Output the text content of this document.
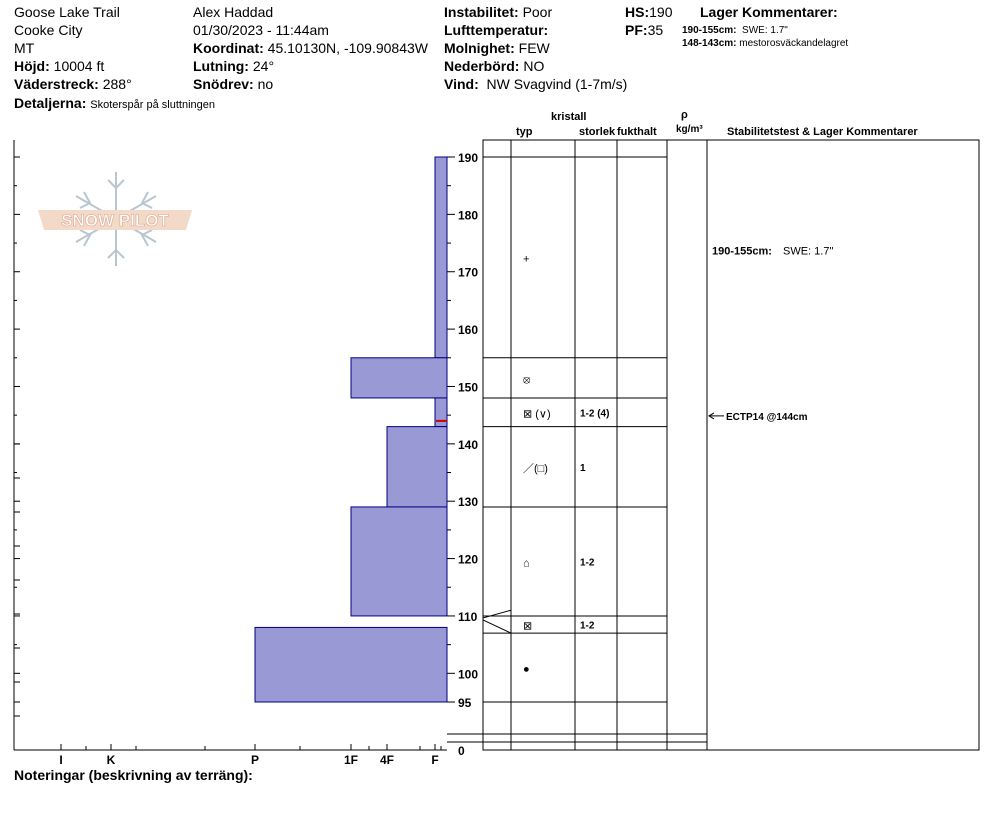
Goose Lake Trail
Cooke City
MT
Höjd: 10004 ft
Väderstreck: 288°
Detaljerna: Skoterspår på sluttningen
Alex Haddad
01/30/2023 - 11:44am
Koordinat: 45.10130N, -109.90843W
Lutning: 24°
Snödrev: no
Instabilitet: Poor
Lufttemperatur:
Molnighet: FEW
Nederbörd: NO
Vind: NW Svagvind (1-7m/s)
HS:190
PF:35
Lager Kommentarer:
190-155cm: SWE: 1.7"
148-143cm: mestorosväckandelagret
kristall
typ	storlek fukthalt
ρ
kg/m³ Stabilitetstest & Lager Kommentarer
Noteringar (beskrivning av terräng):
SNOW PILOT
I	K	P	1F 4F	F
190
180
170
160
150
140
130
120
110
100
95
0
+
⦻
⊠ (∨)	1-2 (4)
／(□)	1
⌂	1-2
⊠	1-2
●
190-155cm: SWE: 1.7"
ECTP14 @144cm
